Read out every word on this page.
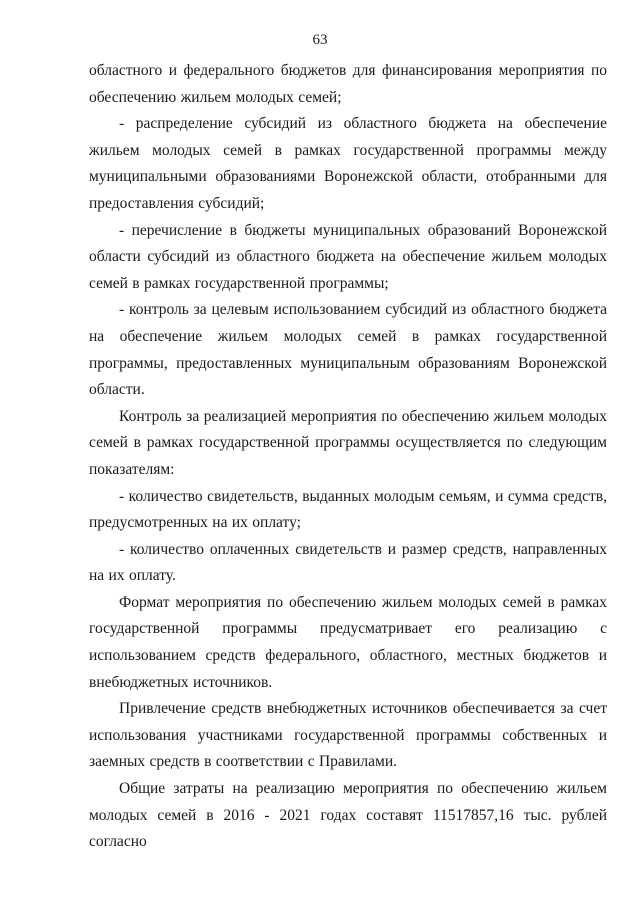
63

областного и федерального бюджетов для финансирования мероприятия по обеспечению жильем молодых семей;

- распределение субсидий из областного бюджета на обеспечение жильем молодых семей в рамках государственной программы между муниципальными образованиями Воронежской области, отобранными для предоставления субсидий;

- перечисление в бюджеты муниципальных образований Воронежской области субсидий из областного бюджета на обеспечение жильем молодых семей в рамках государственной программы;

- контроль за целевым использованием субсидий из областного бюджета на обеспечение жильем молодых семей в рамках государственной программы, предоставленных муниципальным образованиям Воронежской области.

Контроль за реализацией мероприятия по обеспечению жильем молодых семей в рамках государственной программы осуществляется по следующим показателям:

- количество свидетельств, выданных молодым семьям, и сумма средств, предусмотренных на их оплату;

- количество оплаченных свидетельств и размер средств, направленных на их оплату.

Формат мероприятия по обеспечению жильем молодых семей в рамках государственной программы предусматривает его реализацию с использованием средств федерального, областного, местных бюджетов и внебюджетных источников.

Привлечение средств внебюджетных источников обеспечивается за счет использования участниками государственной программы собственных и заемных средств в соответствии с Правилами.

Общие затраты на реализацию мероприятия по обеспечению жильем молодых семей в 2016 - 2021 годах составят 11517857,16 тыс. рублей согласно
